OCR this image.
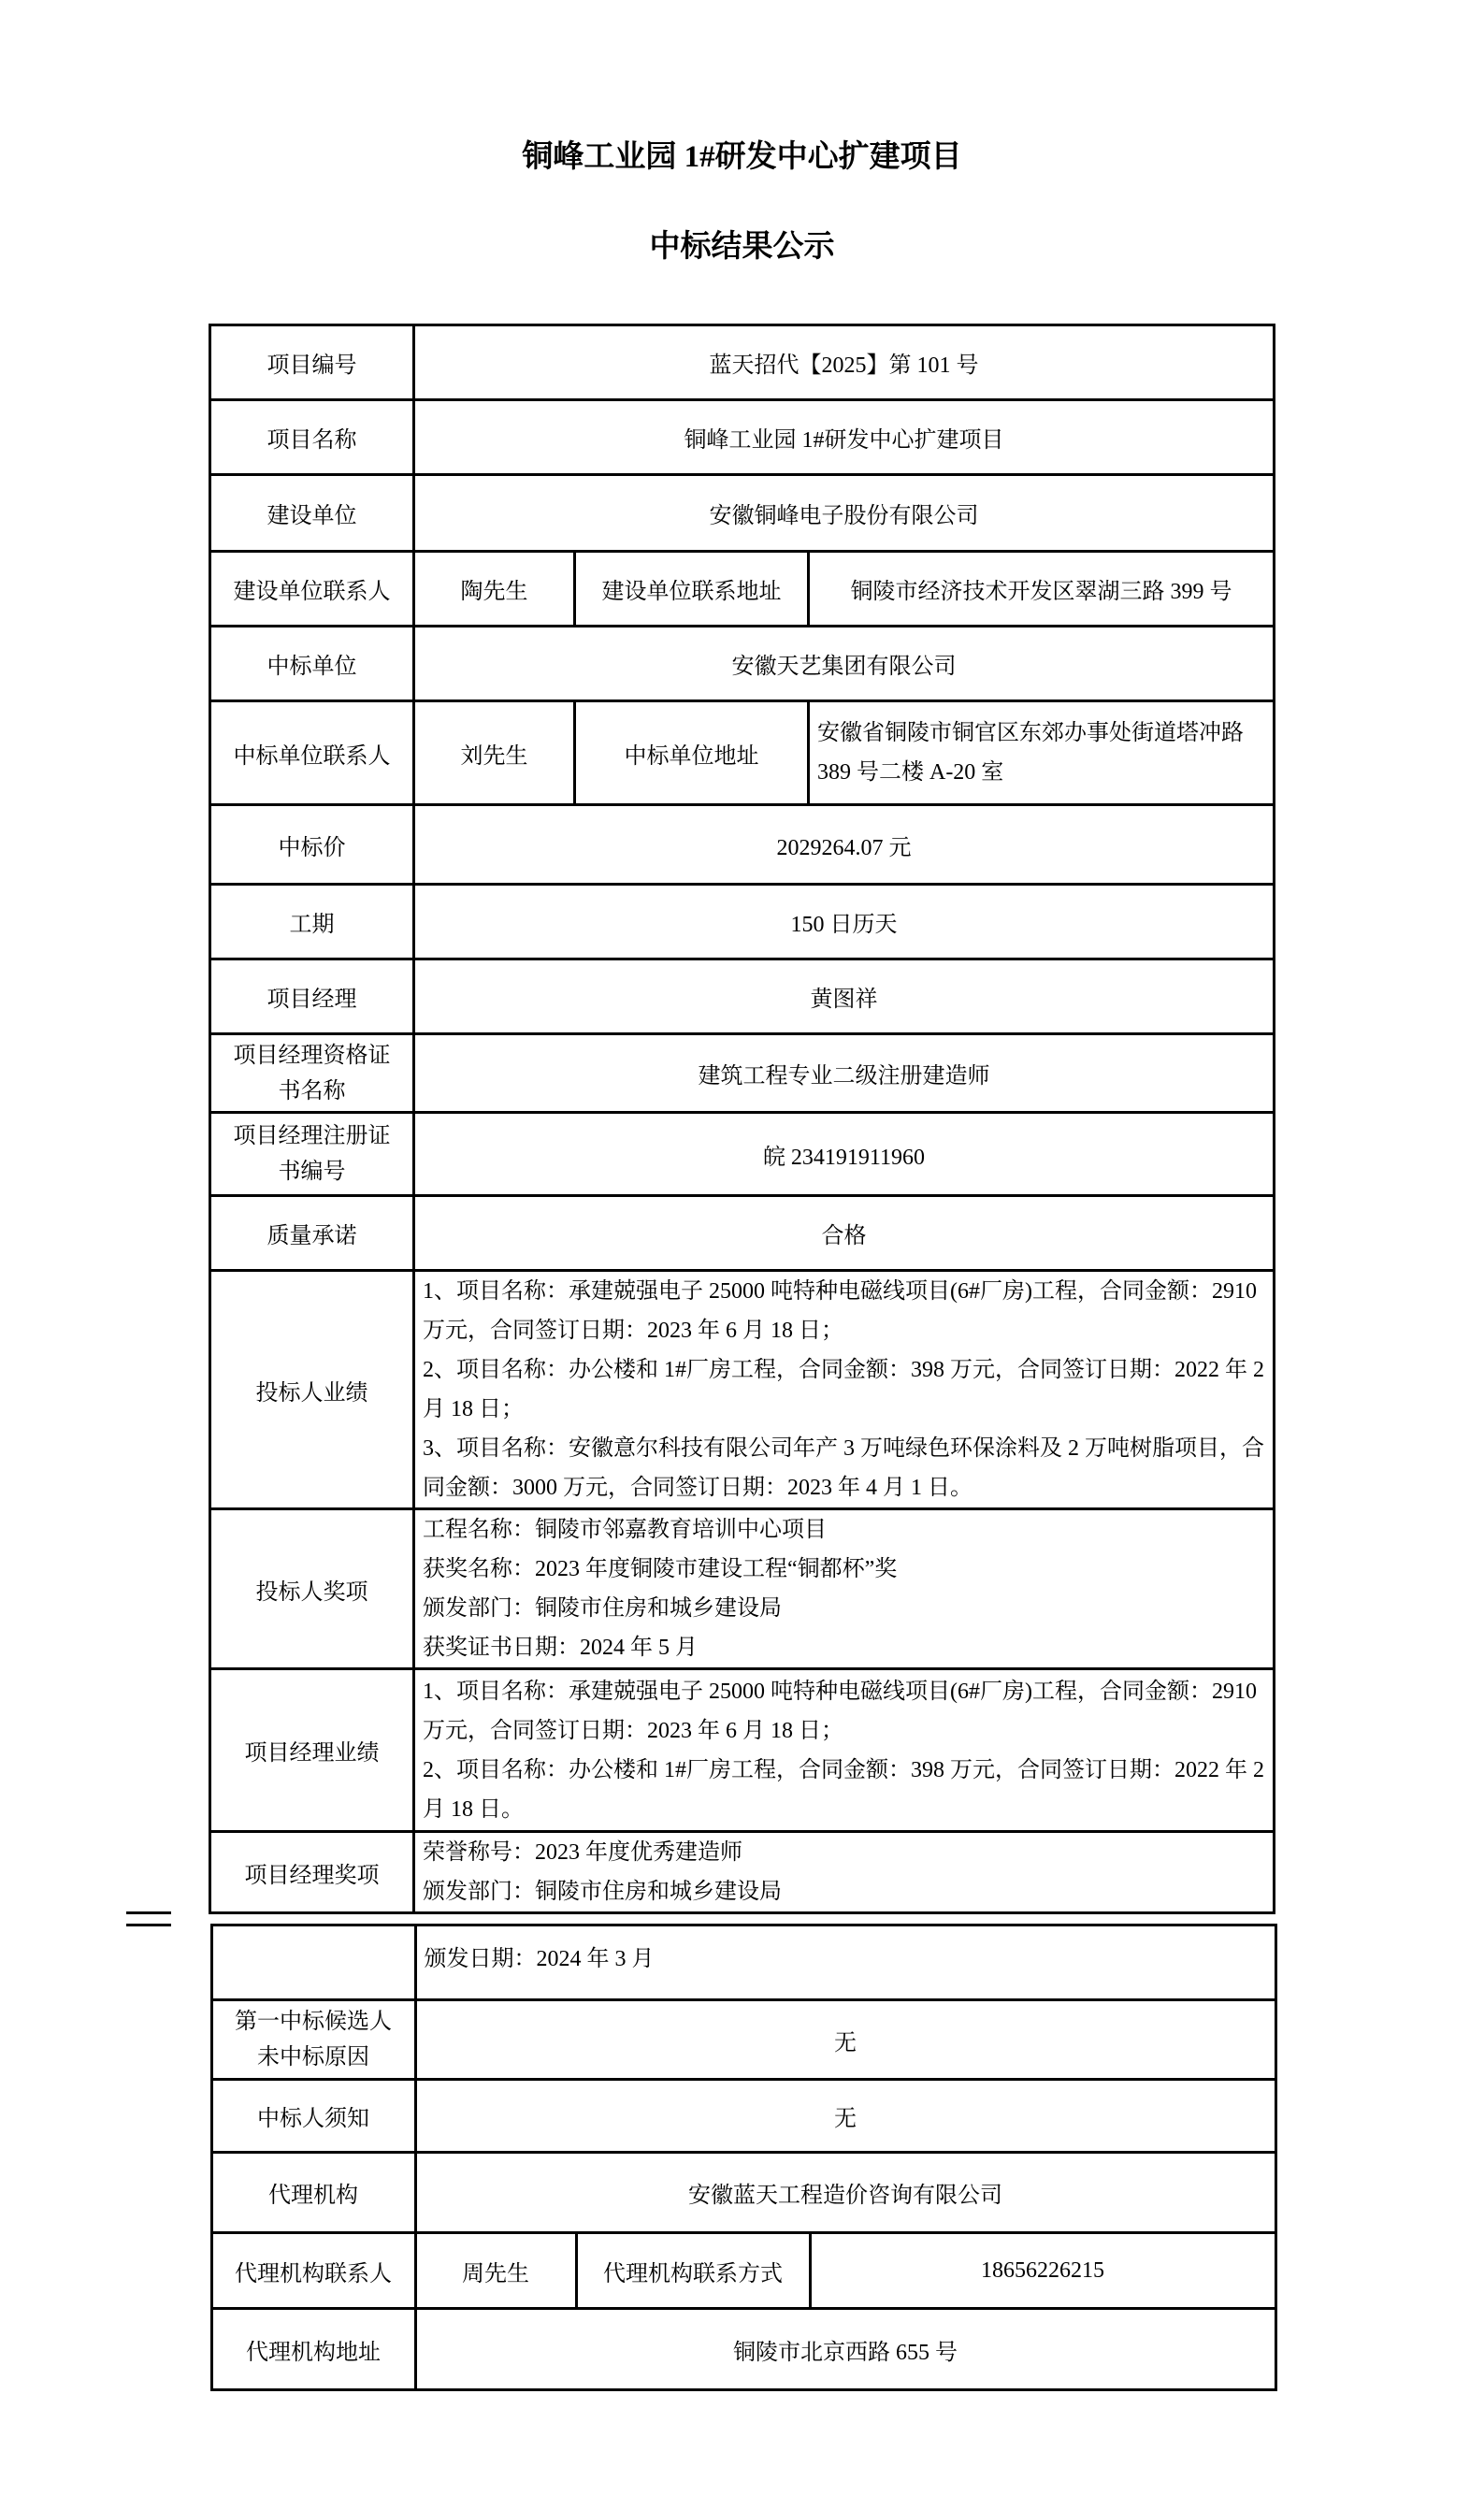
铜峰工业园 1#研发中心扩建项目
中标结果公示
项目编号	蓝天招代【2025】第 101 号		
项目名称	铜峰工业园 1#研发中心扩建项目		
建设单位	安徽铜峰电子股份有限公司		
建设单位联系人	陶先生	建设单位联系地址	铜陵市经济技术开发区翠湖三路 399 号
中标单位	安徽天艺集团有限公司		
中标单位联系人	刘先生	中标单位地址	安徽省铜陵市铜官区东郊办事处街道塔冲路 389 号二楼 A-20 室
中标价	2029264.07 元		
工期	150 日历天		
项目经理	黄图祥		

项目经理资格证
书名称	建筑工程专业二级注册建造师		

项目经理注册证
书编号	皖 234191911960		
质量承诺	合格		
投标人业绩	1、项目名称：承建兢强电子 25000 吨特种电磁线项目(6#厂房)工程，合同金额：2910 万元，合同签订日期：2023 年 6 月 18 日；
2、项目名称：办公楼和 1#厂房工程，合同金额：398 万元，合同签订日期：2022 年 2 月 18 日；
3、项目名称：安徽意尔科技有限公司年产 3 万吨绿色环保涂料及 2 万吨树脂项目，合同金额：3000 万元，合同签订日期：2023 年 4 月 1 日。		

投标人奖项	工程名称：铜陵市邻嘉教育培训中心项目
获奖名称：2023 年度铜陵市建设工程“铜都杯”奖
颁发部门：铜陵市住房和城乡建设局
获奖证书日期：2024 年 5 月		

项目经理业绩	1、项目名称：承建兢强电子 25000 吨特种电磁线项目(6#厂房)工程，合同金额：2910 万元，合同签订日期：2023 年 6 月 18 日；
2、项目名称：办公楼和 1#厂房工程，合同金额：398 万元，合同签订日期：2022 年 2 月 18 日。		

项目经理奖项	荣誉称号：2023 年度优秀建造师
颁发部门：铜陵市住房和城乡建设局		
	颁发日期：2024 年 3 月		

第一中标候选人
未中标原因	无		
中标人须知	无		
代理机构	安徽蓝天工程造价咨询有限公司		
代理机构联系人	周先生	代理机构联系方式	18656226215
代理机构地址	铜陵市北京西路 655 号		
